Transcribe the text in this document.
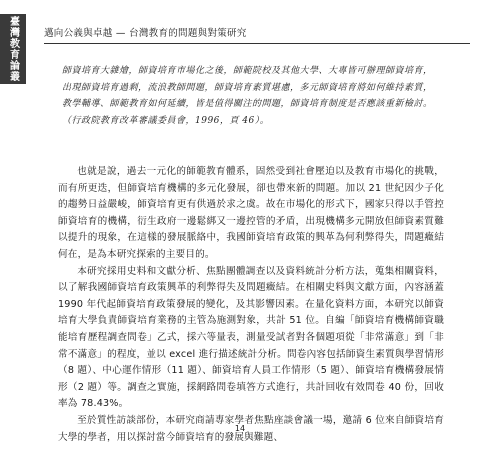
臺灣教育論叢	邁向公義與卓越 — 台灣教育的問題與對策研究
師資培育大雜燴，師資培育市場化之後，師範院校及其他大學、大專皆可辦理師資培育，出現師資培育過剩，流浪教師問題，師資培育素質堪慮，多元師資培育將如何維持素質，教學輔導、師範教育如何延續，皆是值得關注的問題，師資培育制度是否應該重新檢討。（行政院教育改革審議委員會，1996，頁 46）。

也就是說，過去一元化的師範教育體系，固然受到社會壓迫以及教育市場化的挑戰，而有所更迭，但師資培育機構的多元化發展，卻也帶來新的問題。加以 21 世紀因少子化的趨勢日益嚴峻，師資培育更有供過於求之虞。故在市場化的形式下，國家只得以手管控師資培育的機構，衍生政府一邊鬆綁又一邊控管的矛盾，出現機構多元開放但師資素質難以提升的現象，在這樣的發展脈絡中，我國師資培育政策的興革為何利弊得失，問題癥結何在，是為本研究探索的主要目的。

本研究採用史料和文獻分析、焦點團體調查以及資料統計分析方法，蒐集相關資料，以了解我國師資培育政策興革的利弊得失及問題癥結。在相關史料與文獻方面，內容涵蓋 1990 年代起師資培育政策發展的變化，及其影響因素。在量化資料方面，本研究以師資培育大學負責師資培育業務的主管為施測對象，共計 51 位。自編「師資培育機構師資職能培育歷程調查問卷」乙式，採六等量表，測量受試者對各個題項從「非常滿意」到「非常不滿意」的程度，並以 excel 進行描述統計分析。問卷內容包括師資生素質與學習情形（8 題）、中心運作情形（11 題）、師資培育人員工作情形（5 題）、師資培育機構發展情形（2 題）等。調查之實施，採網路問卷填答方式進行，共計回收有效問卷 40 份，回收率為 78.43%。

至於質性訪談部份，本研究商請專家學者焦點座談會議一場，邀請 6 位來自師資培育大學的學者，用以探討當今師資培育的發展與難題、

14
